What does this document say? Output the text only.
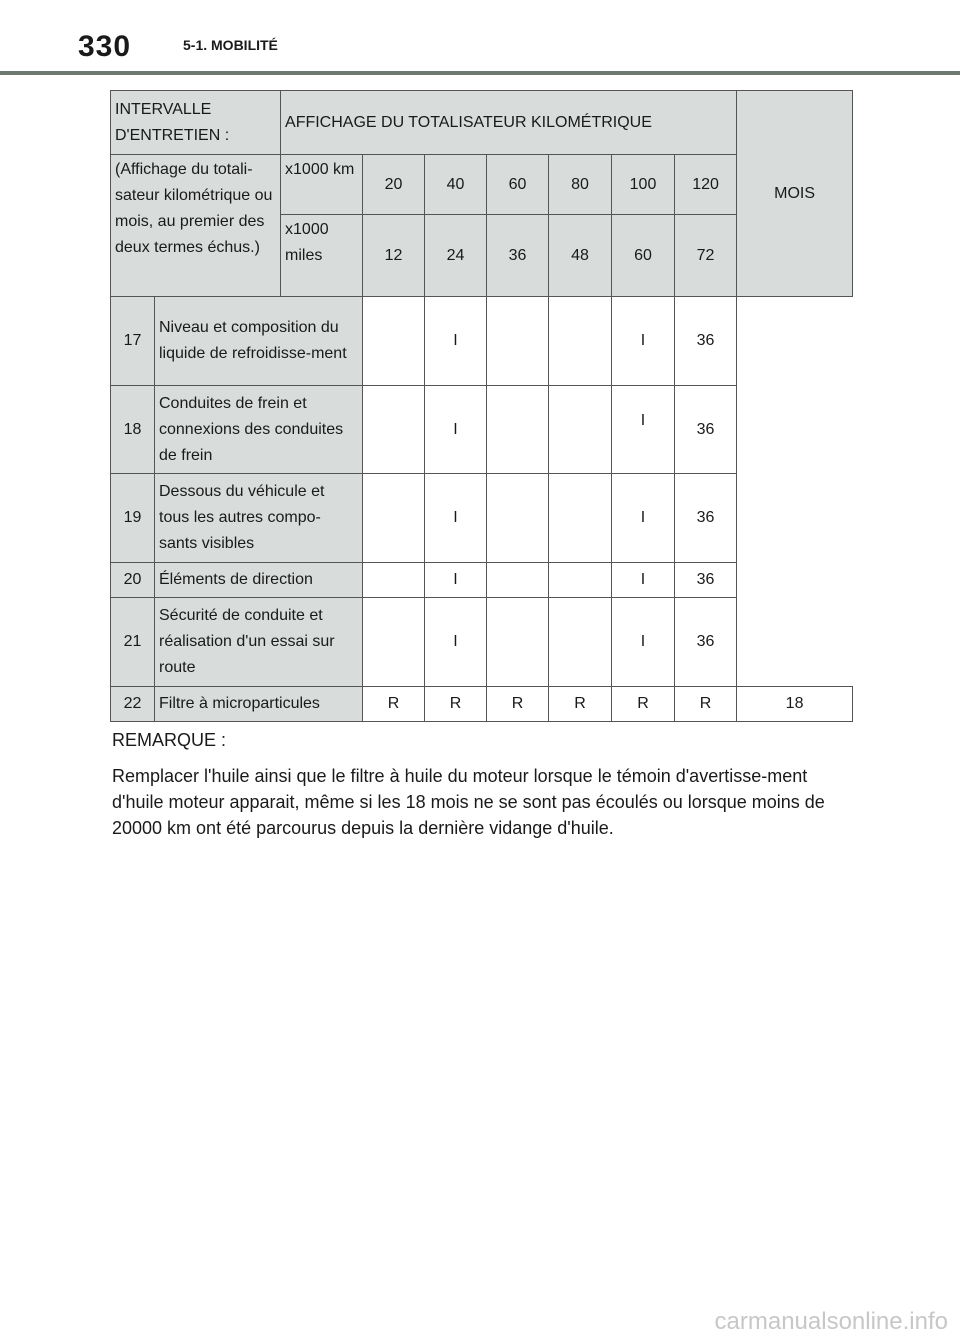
330	5-1. MOBILITÉ
INTERVALLE D'ENTRETIEN :		AFFICHAGE DU TOTALISATEUR KILOMÉTRIQUE							MOIS
(Affichage du totali-sateur kilométrique ou mois, au premier des deux termes échus.)		x1000 km	20	40	60	80	100	120	
		x1000 miles	12	24	36	48	60	72	
17	Niveau et composition du liquide de refroidisse-ment			I			I	36	
18	Conduites de frein et connexions des conduites de frein			I			I	36	
19	Dessous du véhicule et tous les autres compo-sants visibles			I			I	36	
20	Éléments de direction			I			I	36	
21	Sécurité de conduite et réalisation d'un essai sur route			I			I	36	
22	Filtre à microparticules		R	R	R	R	R	R	18
REMARQUE :
Remplacer l'huile ainsi que le filtre à huile du moteur lorsque le témoin d'avertisse-ment d'huile moteur apparait, même si les 18 mois ne se sont pas écoulés ou lorsque moins de 20000 km ont été parcourus depuis la dernière vidange d'huile.
carmanualsonline.info
